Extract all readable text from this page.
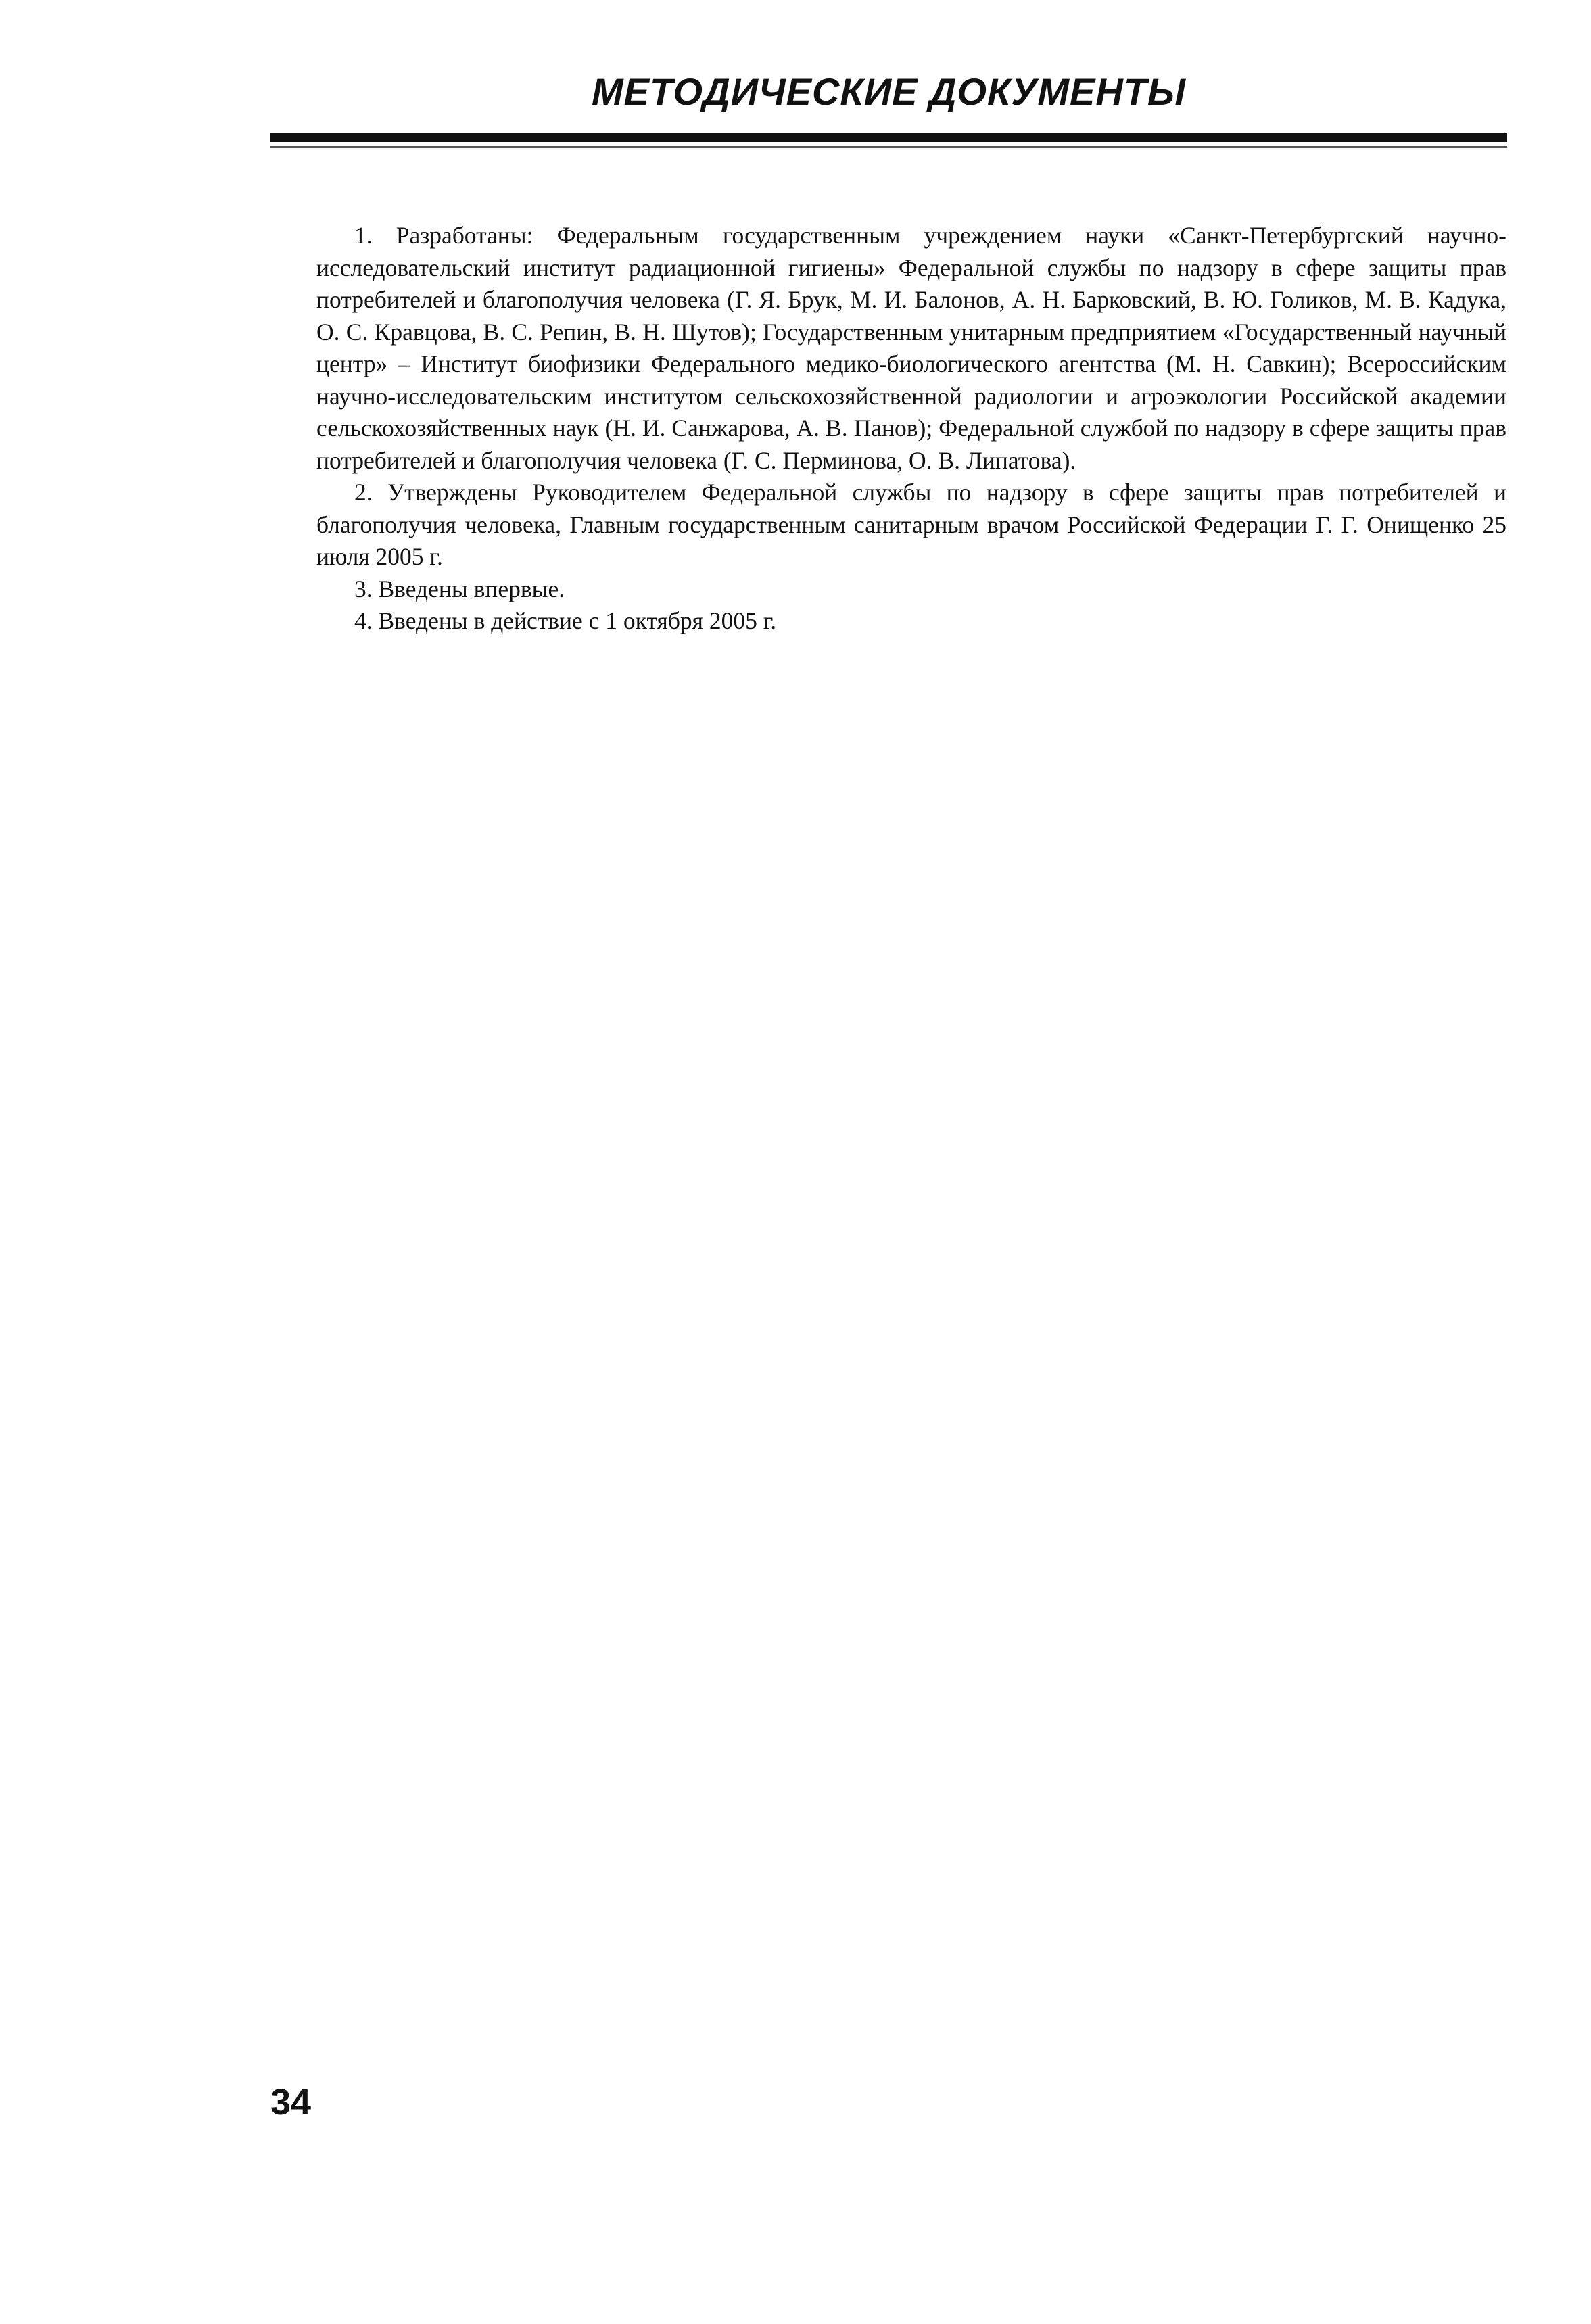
МЕТОДИЧЕСКИЕ ДОКУМЕНТЫ

1. Разработаны: Федеральным государственным учреждением науки «Санкт-Петербургский научно-исследовательский институт радиационной гигиены» Федеральной службы по надзору в сфере защиты прав потребителей и благополучия человека (Г. Я. Брук, М. И. Балонов, А. Н. Барковский, В. Ю. Голиков, М. В. Кадука, О. С. Кравцова, В. С. Репин, В. Н. Шутов); Государственным унитарным предприятием «Государственный научный центр» – Институт биофизики Федерального медико-биологического агентства (М. Н. Савкин); Всероссийским научно-исследовательским институтом сельскохозяйственной радиологии и агроэкологии Российской академии сельскохозяйственных наук (Н. И. Санжарова, А. В. Панов); Федеральной службой по надзору в сфере защиты прав потребителей и благополучия человека (Г. С. Перминова, О. В. Липатова).

2. Утверждены Руководителем Федеральной службы по надзору в сфере защиты прав потребителей и благополучия человека, Главным государственным санитарным врачом Российской Федерации Г. Г. Онищенко 25 июля 2005 г.

3. Введены впервые.

4. Введены в действие с 1 октября 2005 г.

34
